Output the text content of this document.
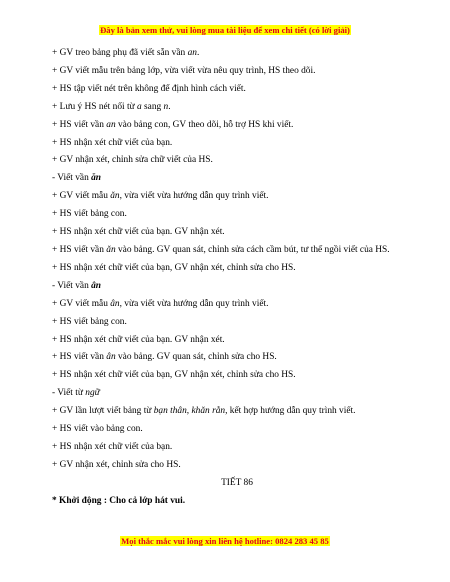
Đây là bản xem thử, vui lòng mua tài liệu để xem chi tiết (có lời giải)
+ GV treo bảng phụ đã viết sẵn vần an.
+ GV viết mẫu trên bảng lớp, vừa viết vừa nêu quy trình, HS theo dõi.
+ HS tập viết nét trên không để định hình cách viết.
+ Lưu ý HS nét nối từ a sang n.
+ HS viết vần an vào bảng con, GV theo dõi, hỗ trợ HS khi viết.
+ HS nhận xét chữ viết của bạn.
+ GV nhận xét, chỉnh sửa chữ viết của HS.
- Viết vần ăn
+ GV viết mẫu ăn, vừa viết vừa hướng dẫn quy trình viết.
+ HS viết bảng con.
+ HS nhận xét chữ viết của bạn. GV nhận xét.
+ HS viết vần ăn vào bảng. GV quan sát, chỉnh sửa cách cầm bút, tư thế ngồi viết của HS.
+ HS nhận xét chữ viết của bạn, GV nhận xét, chỉnh sửa cho HS.
- Viết vần ân
+ GV viết mẫu ân, vừa viết vừa hướng dẫn quy trình viết.
+ HS viết bảng con.
+ HS nhận xét chữ viết của bạn. GV nhận xét.
+ HS viết vần ân vào bảng. GV quan sát, chỉnh sửa cho HS.
+ HS nhận xét chữ viết của bạn, GV nhận xét, chỉnh sửa cho HS.
- Viết từ ngữ
+ GV lần lượt viết bảng từ bạn thân, khăn rằn, kết hợp hướng dẫn quy trình viết.
+ HS viết vào bảng con.
+ HS nhận xét chữ viết của bạn.
+ GV nhận xét, chỉnh sửa cho HS.
TIẾT 86
* Khởi động : Cho cả lớp hát vui.
Mọi thắc mắc vui lòng xin liên hệ hotline: 0824 283 45 85
